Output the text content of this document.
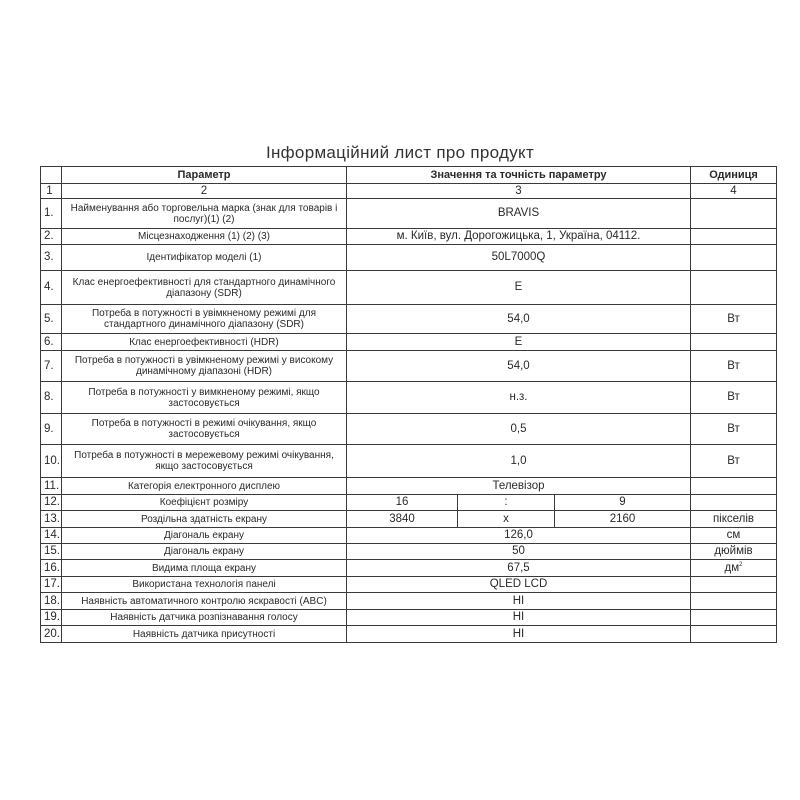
Інформаційний лист про продукт
	Параметр	Значення та точність параметру			Одиниця
1	2	3			4
1.	Найменування або торговельна марка (знак для товарів і послуг)(1) (2)	BRAVIS			
2.	Місцезнаходження (1) (2) (3)	м. Київ, вул. Дорогожицька, 1, Україна, 04112.			
3.	Ідентифікатор моделі (1)	50L7000Q			
4.	Клас енергоефективності для стандартного динамічного діапазону (SDR)	E			
5.	Потреба в потужності в увімкненому режимі для стандартного динамічного діапазону (SDR)	54,0			Вт
6.	Клас енергоефективності (HDR)	E			
7.	Потреба в потужності в увімкненому режимі у високому динамічному діапазоні (HDR)	54,0			Вт
8.	Потреба в потужності у вимкненому режимі, якщо застосовується	н.з.			Вт
9.	Потреба в потужності в режимі очікування, якщо застосовується	0,5			Вт
10.	Потреба в потужності в мережевому режимі очікування, якщо застосовується	1,0			Вт
11.	Категорія електронного дисплею	Телевізор			
12.	Коефіцієнт розміру	16	:	9	
13.	Роздільна здатність екрану	3840	x	2160	пікселів
14.	Діагональ екрану	126,0			см
15.	Діагональ екрану	50			дюймів
16.	Видима площа екрану	67,5			$дм^2$
17.	Використана технологія панелі	QLED LCD			
18.	Наявність автоматичного контролю яскравості (ABC)	НІ			
19.	Наявність датчика розпізнавання голосу	НІ			
20.	Наявність датчика присутності	НІ			
